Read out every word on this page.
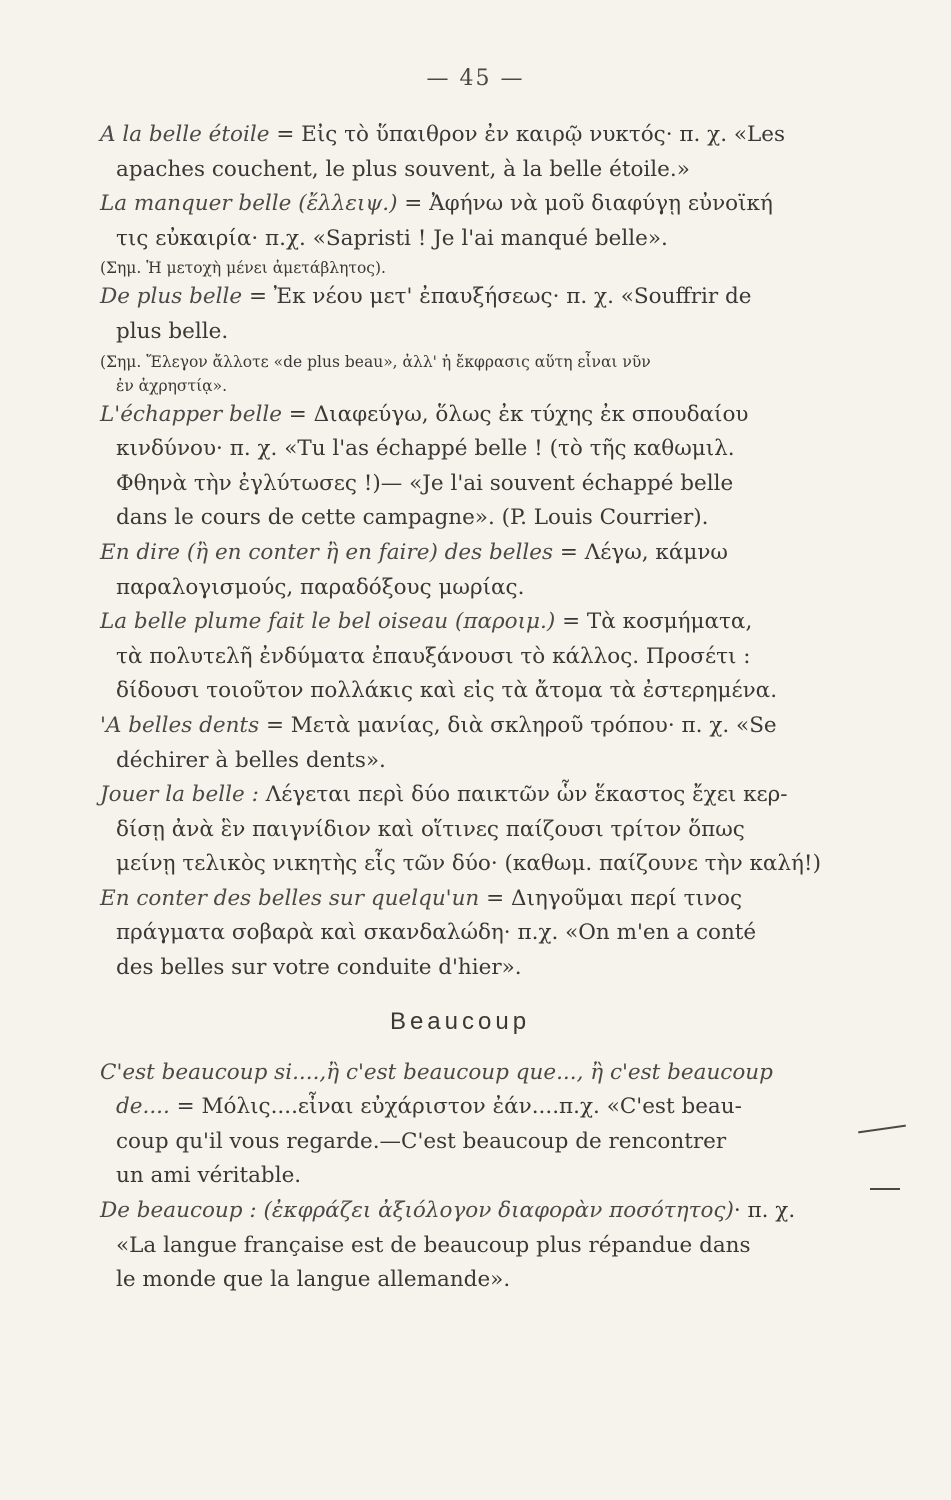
— 45 —
A la belle étoile = Εἰς τὸ ὕπαιθρον ἐν καιρῷ νυκτός· π. χ. «Les
apaches couchent, le plus souvent, à la belle étoile.»
La manquer belle (ἔλλειψ.) = Ἀφήνω νὰ μοῦ διαφύγῃ εὐνοϊκή
τις εὐκαιρία· π.χ. «Sapristi ! Je l'ai manqué belle».
(Σημ. Ἡ μετοχὴ μένει ἀμετάβλητος).
De plus belle = Ἐκ νέου μετ' ἐπαυξήσεως· π. χ. «Souffrir de
plus belle.
(Σημ. Ἔλεγον ἄλλοτε «de plus beau», ἀλλ' ἡ ἔκφρασις αὕτη εἶναι νῦν
ἐν ἀχρηστίᾳ».
L'échapper belle = Διαφεύγω, ὅλως ἐκ τύχης ἐκ σπουδαίου
κινδύνου· π. χ. «Tu l'as échappé belle ! (τὸ τῆς καθωμιλ.
Φθηνὰ τὴν ἐγλύτωσες !)— «Je l'ai souvent échappé belle
dans le cours de cette campagne». (P. Louis Courrier).
En dire (ἢ en conter ἢ en faire) des belles = Λέγω, κάμνω
παραλογισμούς, παραδόξους μωρίας.
La belle plume fait le bel oiseau (παροιμ.) = Τὰ κοσμήματα,
τὰ πολυτελῆ ἐνδύματα ἐπαυξάνουσι τὸ κάλλος. Προσέτι :
δίδουσι τοιοῦτον πολλάκις καὶ εἰς τὰ ἄτομα τὰ ἐστερημένα.
'A belles dents = Μετὰ μανίας, διὰ σκληροῦ τρόπου· π. χ. «Se
déchirer à belles dents».
Jouer la belle : Λέγεται περὶ δύο παικτῶν ὧν ἕκαστος ἔχει κερ-
δίσῃ ἀνὰ ἓν παιγνίδιον καὶ οἵτινες παίζουσι τρίτον ὅπως
μείνῃ τελικὸς νικητὴς εἷς τῶν δύο· (καθωμ. παίζουνε τὴν καλή!)
En conter des belles sur quelqu'un = Διηγοῦμαι περί τινος
πράγματα σοβαρὰ καὶ σκανδαλώδη· π.χ. «On m'en a conté
des belles sur votre conduite d'hier».
Beaucoup
C'est beaucoup si....,ἢ c'est beaucoup que..., ἢ c'est beaucoup
de.... = Μόλις....εἶναι εὐχάριστον ἐάν....π.χ. «C'est beau-
coup qu'il vous regarde.—C'est beaucoup de rencontrer
un ami véritable.
De beaucoup : (ἐκφράζει ἀξιόλογον διαφορὰν ποσότητος)· π. χ.
«La langue française est de beaucoup plus répandue dans
le monde que la langue allemande».
